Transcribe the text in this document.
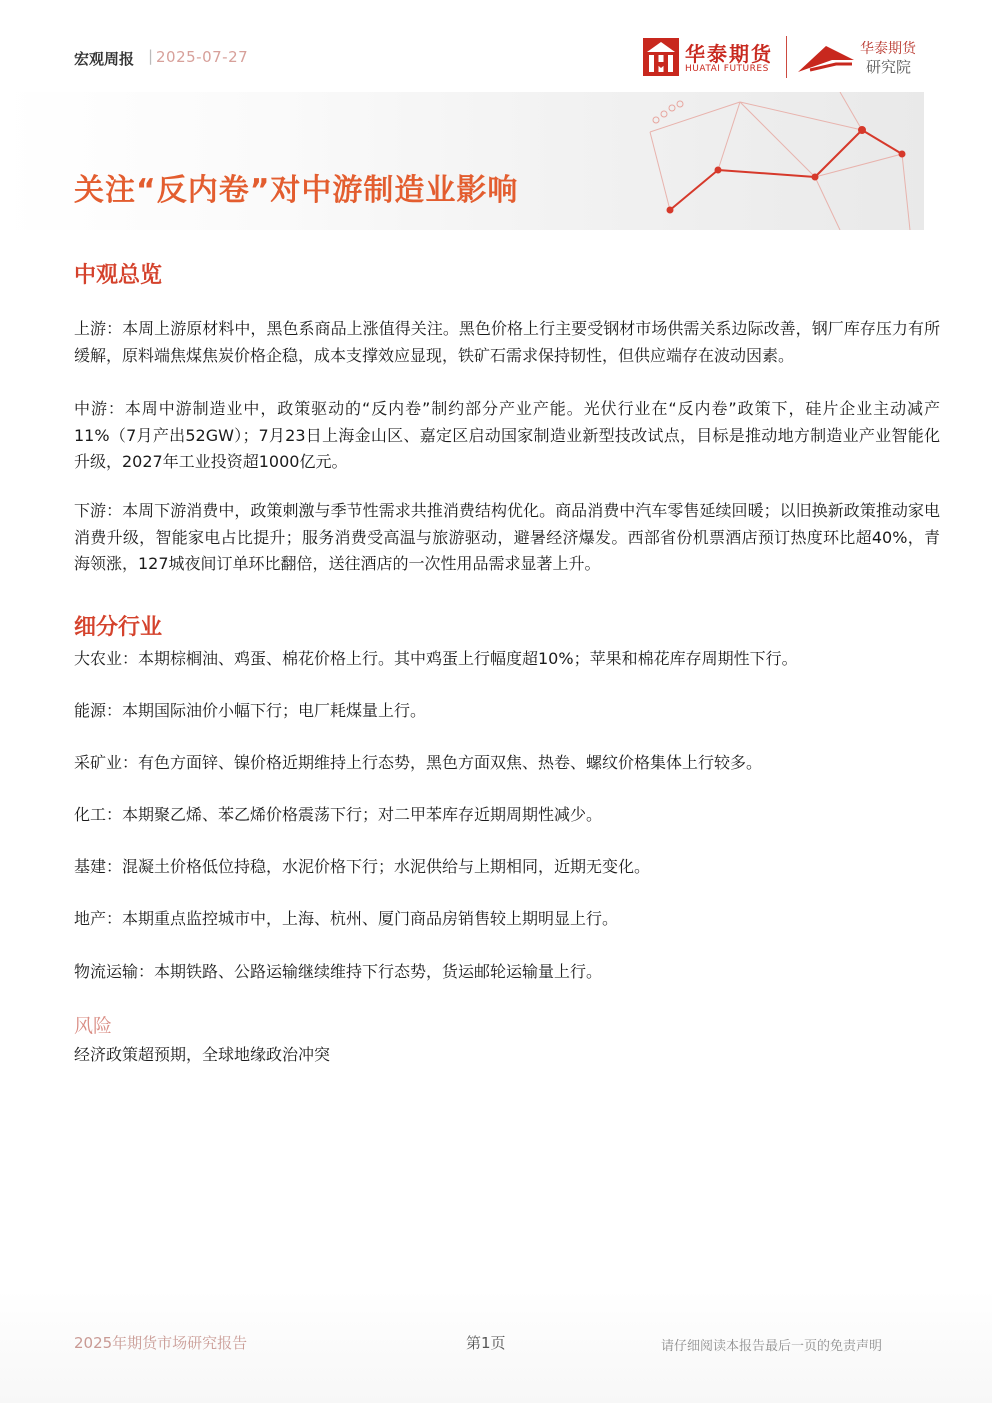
宏观周报 | 2025-07-27	华泰期货
HUATAI FUTURES
华泰期货
研究院
关注“反内卷”对中游制造业影响
中观总览
上游：本周上游原材料中，黑色系商品上涨值得关注。黑色价格上行主要受钢材市场供需关系边际改善，钢厂库存压力有所缓解，原料端焦煤焦炭价格企稳，成本支撑效应显现，铁矿石需求保持韧性，但供应端存在波动因素。
中游：本周中游制造业中，政策驱动的“反内卷”制约部分产业产能。光伏行业在“反内卷”政策下，硅片企业主动减产11%（7月产出52GW）；7月23日上海金山区、嘉定区启动国家制造业新型技改试点，目标是推动地方制造业产业智能化升级，2027年工业投资超1000亿元。
下游：本周下游消费中，政策刺激与季节性需求共推消费结构优化。商品消费中汽车零售延续回暖；以旧换新政策推动家电消费升级，智能家电占比提升；服务消费受高温与旅游驱动，避暑经济爆发。西部省份机票酒店预订热度环比超40%，青海领涨，127城夜间订单环比翻倍，送往酒店的一次性用品需求显著上升。
细分行业
大农业：本期棕榈油、鸡蛋、棉花价格上行。其中鸡蛋上行幅度超10%；苹果和棉花库存周期性下行。
能源：本期国际油价小幅下行；电厂耗煤量上行。
采矿业：有色方面锌、镍价格近期维持上行态势，黑色方面双焦、热卷、螺纹价格集体上行较多。
化工：本期聚乙烯、苯乙烯价格震荡下行；对二甲苯库存近期周期性减少。
基建：混凝土价格低位持稳，水泥价格下行；水泥供给与上期相同，近期无变化。
地产：本期重点监控城市中，上海、杭州、厦门商品房销售较上期明显上行。
物流运输：本期铁路、公路运输继续维持下行态势，货运邮轮运输量上行。
风险
经济政策超预期，全球地缘政治冲突
2025年期货市场研究报告	第1页	请仔细阅读本报告最后一页的免责声明
